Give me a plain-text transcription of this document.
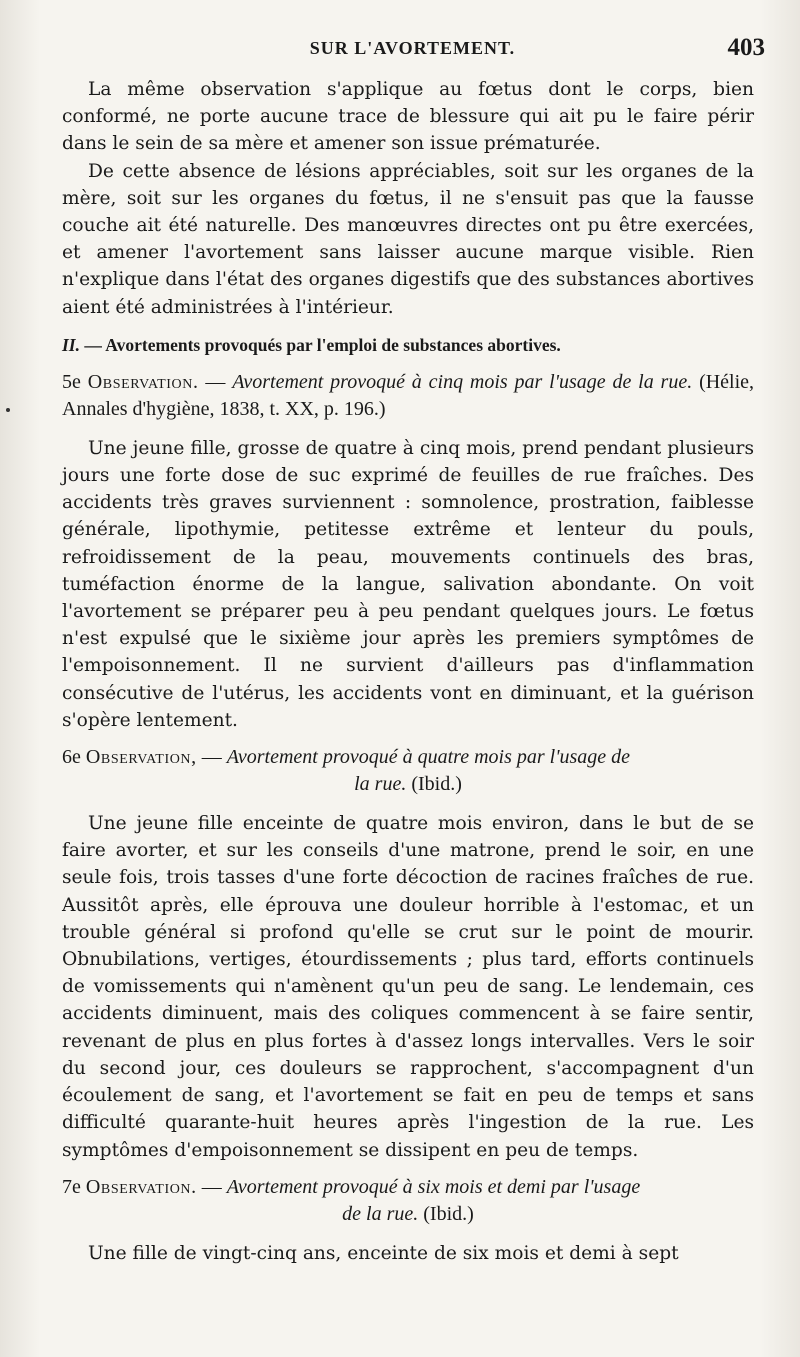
SUR L'AVORTEMENT.	403

La même observation s'applique au fœtus dont le corps, bien conformé, ne porte aucune trace de blessure qui ait pu le faire périr dans le sein de sa mère et amener son issue prématurée.

De cette absence de lésions appréciables, soit sur les organes de la mère, soit sur les organes du fœtus, il ne s'ensuit pas que la fausse couche ait été naturelle. Des manœuvres directes ont pu être exercées, et amener l'avortement sans laisser aucune marque visible. Rien n'explique dans l'état des organes digestifs que des substances abortives aient été administrées à l'intérieur.

II. — Avortements provoqués par l'emploi de substances abortives.
5e Observation. — Avortement provoqué à cinq mois par l'usage de la rue. (Hélie, Annales d'hygiène, 1838, t. XX, p. 196.)

Une jeune fille, grosse de quatre à cinq mois, prend pendant plusieurs jours une forte dose de suc exprimé de feuilles de rue fraîches. Des accidents très graves surviennent : somnolence, prostration, faiblesse générale, lipothymie, petitesse extrême et lenteur du pouls, refroidissement de la peau, mouvements continuels des bras, tuméfaction énorme de la langue, salivation abondante. On voit l'avortement se préparer peu à peu pendant quelques jours. Le fœtus n'est expulsé que le sixième jour après les premiers symptômes de l'empoisonnement. Il ne survient d'ailleurs pas d'inflammation consécutive de l'utérus, les accidents vont en diminuant, et la guérison s'opère lentement.

6e Observation, — Avortement provoqué à quatre mois par l'usage de
la rue. (Ibid.)

Une jeune fille enceinte de quatre mois environ, dans le but de se faire avorter, et sur les conseils d'une matrone, prend le soir, en une seule fois, trois tasses d'une forte décoction de racines fraîches de rue. Aussitôt après, elle éprouva une douleur horrible à l'estomac, et un trouble général si profond qu'elle se crut sur le point de mourir. Obnubilations, vertiges, étourdissements ; plus tard, efforts continuels de vomissements qui n'amènent qu'un peu de sang. Le lendemain, ces accidents diminuent, mais des coliques commencent à se faire sentir, revenant de plus en plus fortes à d'assez longs intervalles. Vers le soir du second jour, ces douleurs se rapprochent, s'accompagnent d'un écoulement de sang, et l'avortement se fait en peu de temps et sans difficulté quarante-huit heures après l'ingestion de la rue. Les symptômes d'empoisonnement se dissipent en peu de temps.

7e Observation. — Avortement provoqué à six mois et demi par l'usage
de la rue. (Ibid.)

Une fille de vingt-cinq ans, enceinte de six mois et demi à sept
